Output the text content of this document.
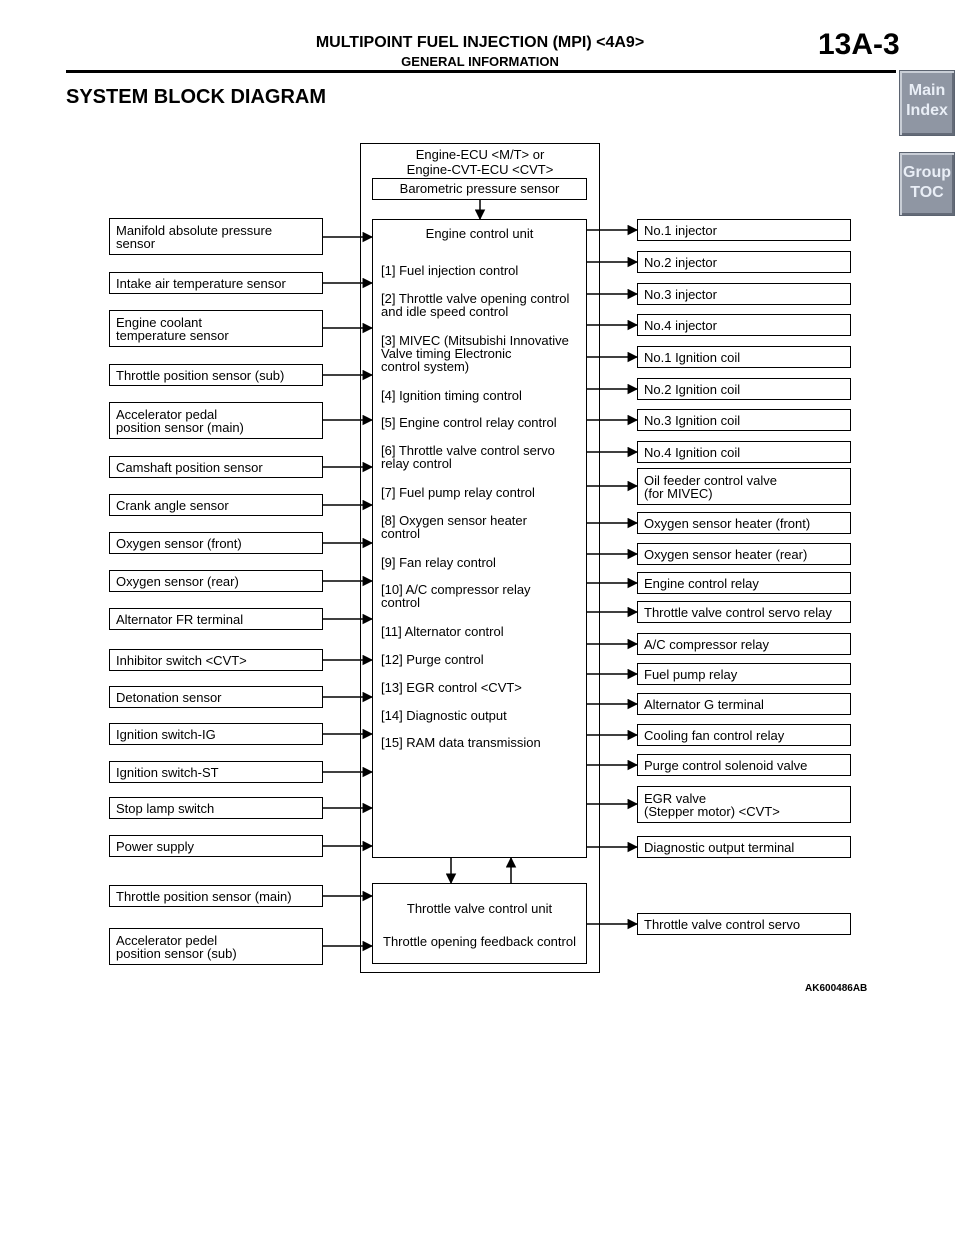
MULTIPOINT FUEL INJECTION (MPI) <4A9>
GENERAL INFORMATION
13A-3
SYSTEM BLOCK DIAGRAM	Main
Index
Group
TOC
Engine-ECU <M/T> or
Engine-CVT-ECU <CVT>
Barometric pressure sensor
Engine control unit
[1] Fuel injection control
[2] Throttle valve opening control
and idle speed control
[3] MIVEC (Mitsubishi Innovative
Valve timing Electronic
control system)
[4] Ignition timing control
[5] Engine control relay control
[6] Throttle valve control servo
relay control
[7] Fuel pump relay control
[8] Oxygen sensor heater
control
[9] Fan relay control
[10] A/C compressor relay
control
[11] Alternator control
[12] Purge control
[13] EGR control <CVT>
[14] Diagnostic output
[15] RAM data transmission
Throttle valve control unit
Throttle opening feedback control
Manifold absolute pressure
sensor
Intake air temperature sensor
Engine coolant
temperature sensor
Throttle position sensor (sub)
Accelerator pedal
position sensor (main)
Camshaft position sensor
Crank angle sensor
Oxygen sensor (front)
Oxygen sensor (rear)
Alternator FR terminal
Inhibitor switch <CVT>
Detonation sensor
Ignition switch-IG
Ignition switch-ST
Stop lamp switch
Power supply
Throttle position sensor (main)
Accelerator pedel
position sensor (sub)
No.1 injector
No.2 injector
No.3 injector
No.4 injector
No.1 Ignition coil
No.2 Ignition coil
No.3 Ignition coil
No.4 Ignition coil
Oil feeder control valve
(for MIVEC)
Oxygen sensor heater (front)
Oxygen sensor heater (rear)
Engine control relay
Throttle valve control servo relay
A/C compressor relay
Fuel pump relay
Alternator G terminal
Cooling fan control relay
Purge control solenoid valve
EGR valve
(Stepper motor) <CVT>
Diagnostic output terminal
Throttle valve control servo
AK600486AB
